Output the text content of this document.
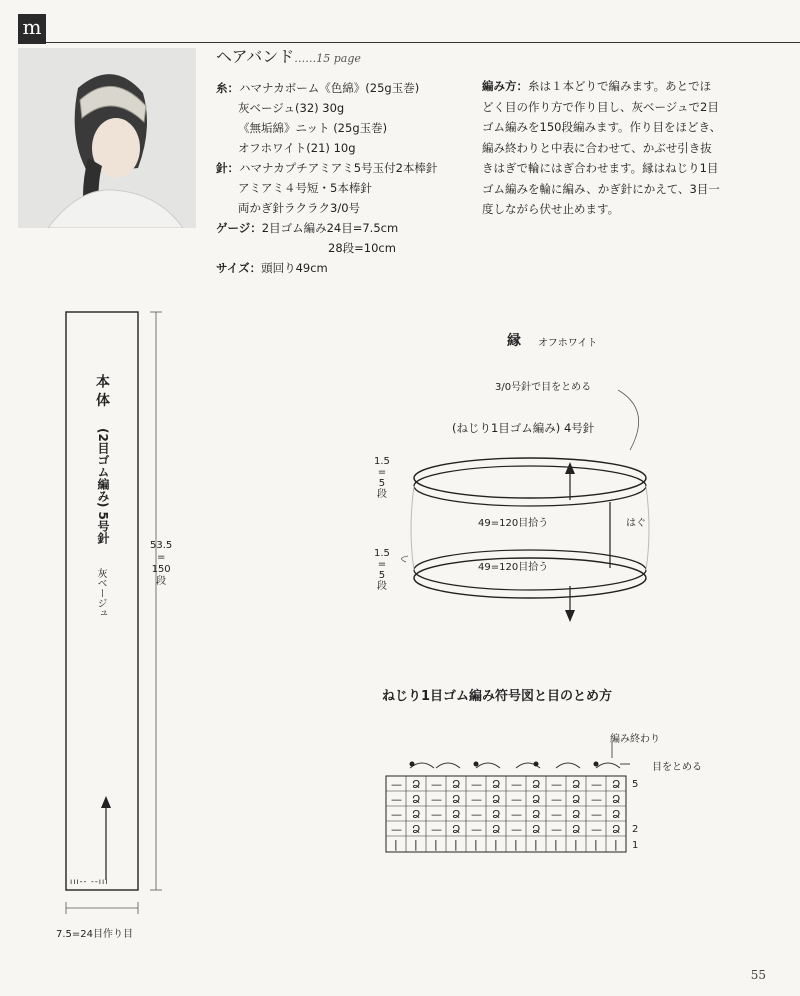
m
ヘアバンド……15 page
糸：ハマナカボーム《色綿》(25g玉巻)
灰ベージュ(32) 30g
《無垢綿》ニット (25g玉巻)
オフホワイト(21) 10g
針：ハマナカプチアミアミ5号玉付2本棒針
アミアミ４号短・5本棒針
両かぎ針ラクラク3/0号
ゲージ：2目ゴム編み24目=7.5cm
28段=10cm
サイズ：頭回り49cm
編み方：糸は１本どりで編みます。あとでほどく目の作り方で作り目し、灰ベージュで2目ゴム編みを150段編みます。作り目をほどき、編み終わりと中表に合わせて、かぶせ引き抜きはぎで輪にはぎ合わせます。縁はねじり1目ゴム編みを輪に編み、かぎ針にかえて、3目一度しながら伏せ止めます。
本 体
(2目ゴム編み) 5号針
灰ベージュ
53.5
=
150
段
ııı-- --ııı
7.5=24目作り目
縁 オフホワイト
3/0号針で目をとめる
(ねじり1目ゴム編み) 4号針
1.5
=
5
段
1.5
=
5
段
49=120目拾う
49=120目拾う
はぐ
ねじり1目ゴム編み符号図と目のとめ方
編み終わり
目をとめる
— Ձ — Ձ — Ձ — Ձ — Ձ — Ձ
— Ձ — Ձ — Ձ — Ձ — Ձ — Ձ
— Ձ — Ձ — Ձ — Ձ — Ձ — Ձ
— Ձ — Ձ — Ձ — Ձ — Ձ — Ձ
| | | | | | | | | | | |
5
2
1
55
